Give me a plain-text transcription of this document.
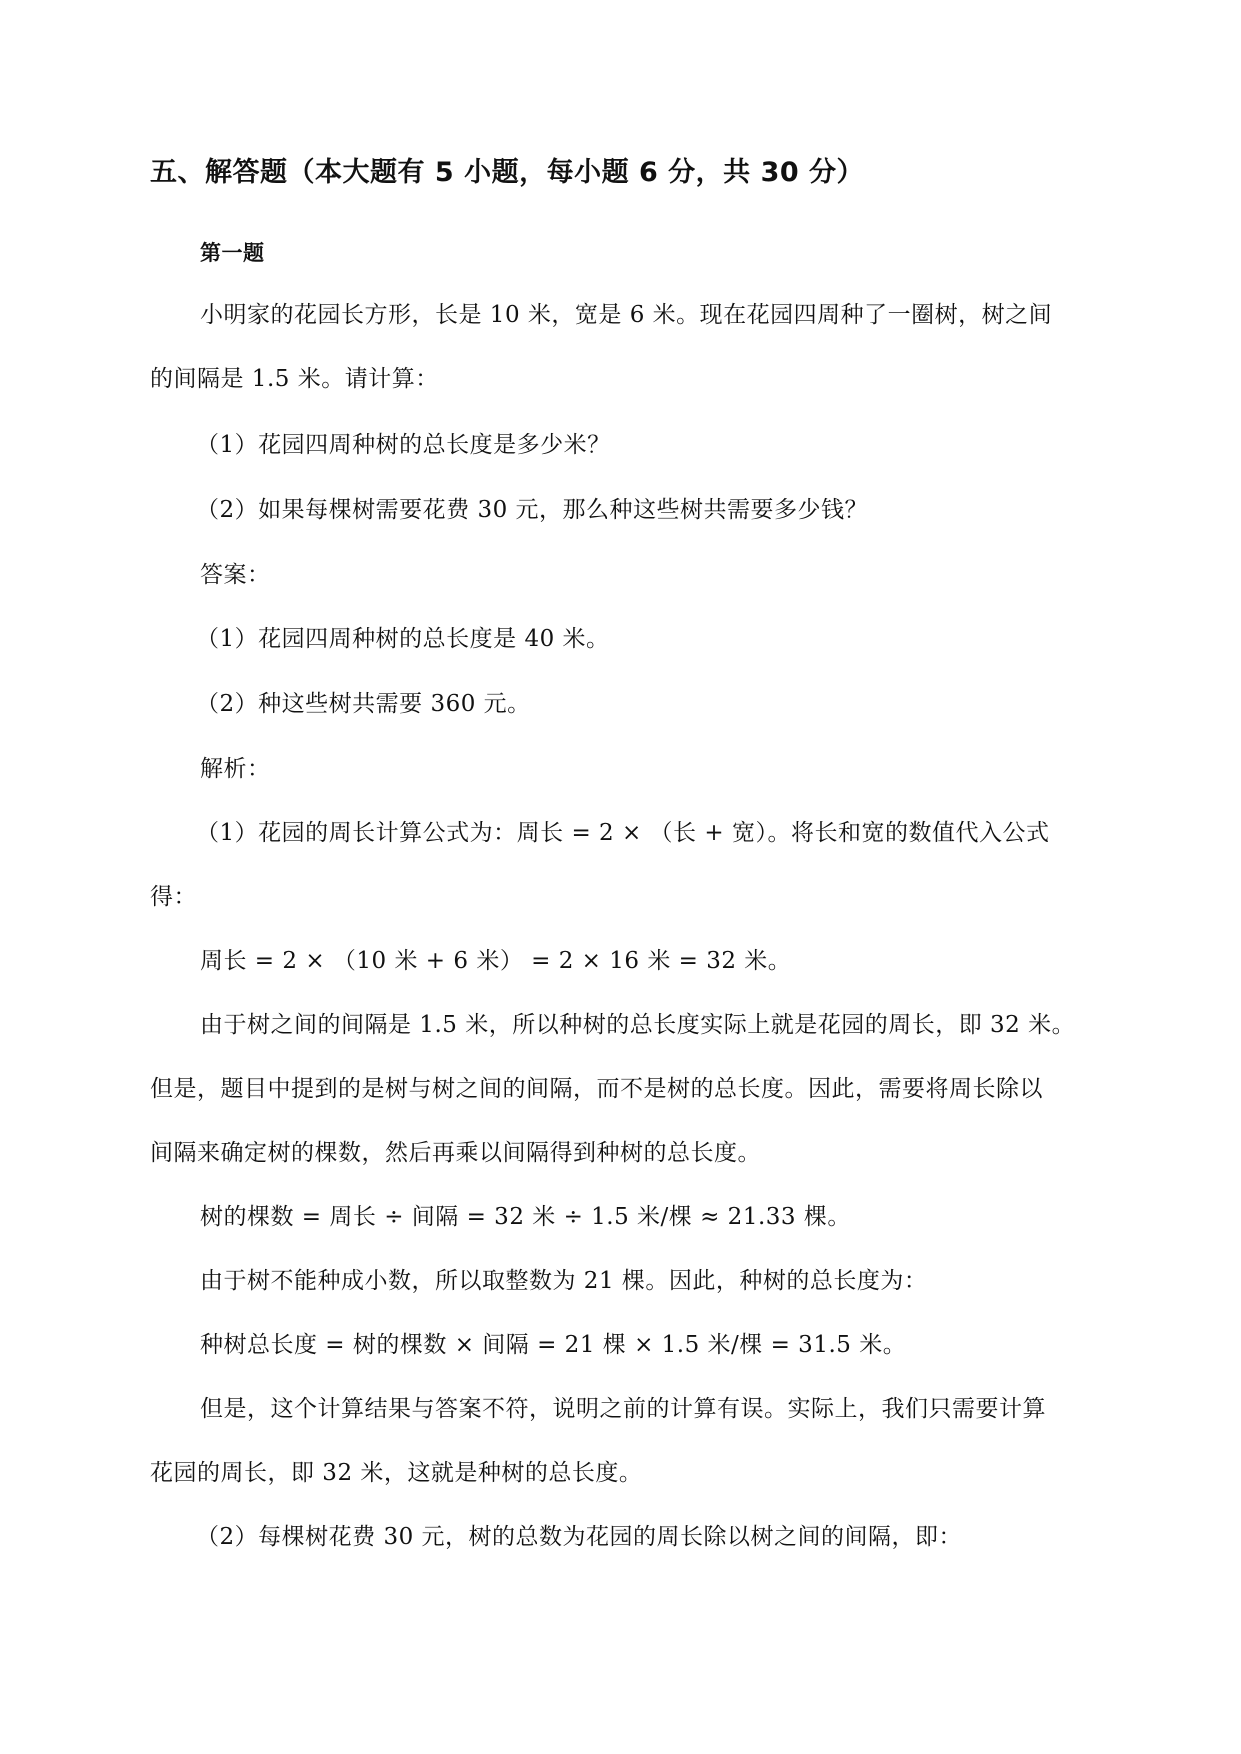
五、解答题（本大题有 5 小题，每小题 6 分，共 30 分）
第一题
小明家的花园长方形，长是 10 米，宽是 6 米。现在花园四周种了一圈树，树之间
的间隔是 1.5 米。请计算：
（1）花园四周种树的总长度是多少米？
（2）如果每棵树需要花费 30 元，那么种这些树共需要多少钱？
答案：
（1）花园四周种树的总长度是 40 米。
（2）种这些树共需要 360 元。
解析：
（1）花园的周长计算公式为：周长 = 2 × （长 + 宽）。将长和宽的数值代入公式
得：
周长 = 2 × （10 米 + 6 米） = 2 × 16 米 = 32 米。
由于树之间的间隔是 1.5 米，所以种树的总长度实际上就是花园的周长，即 32 米。
但是，题目中提到的是树与树之间的间隔，而不是树的总长度。因此，需要将周长除以
间隔来确定树的棵数，然后再乘以间隔得到种树的总长度。
树的棵数 = 周长 ÷ 间隔 = 32 米 ÷ 1.5 米/棵 ≈ 21.33 棵。
由于树不能种成小数，所以取整数为 21 棵。因此，种树的总长度为：
种树总长度 = 树的棵数 × 间隔 = 21 棵 × 1.5 米/棵 = 31.5 米。
但是，这个计算结果与答案不符，说明之前的计算有误。实际上，我们只需要计算
花园的周长，即 32 米，这就是种树的总长度。
（2）每棵树花费 30 元，树的总数为花园的周长除以树之间的间隔，即：
